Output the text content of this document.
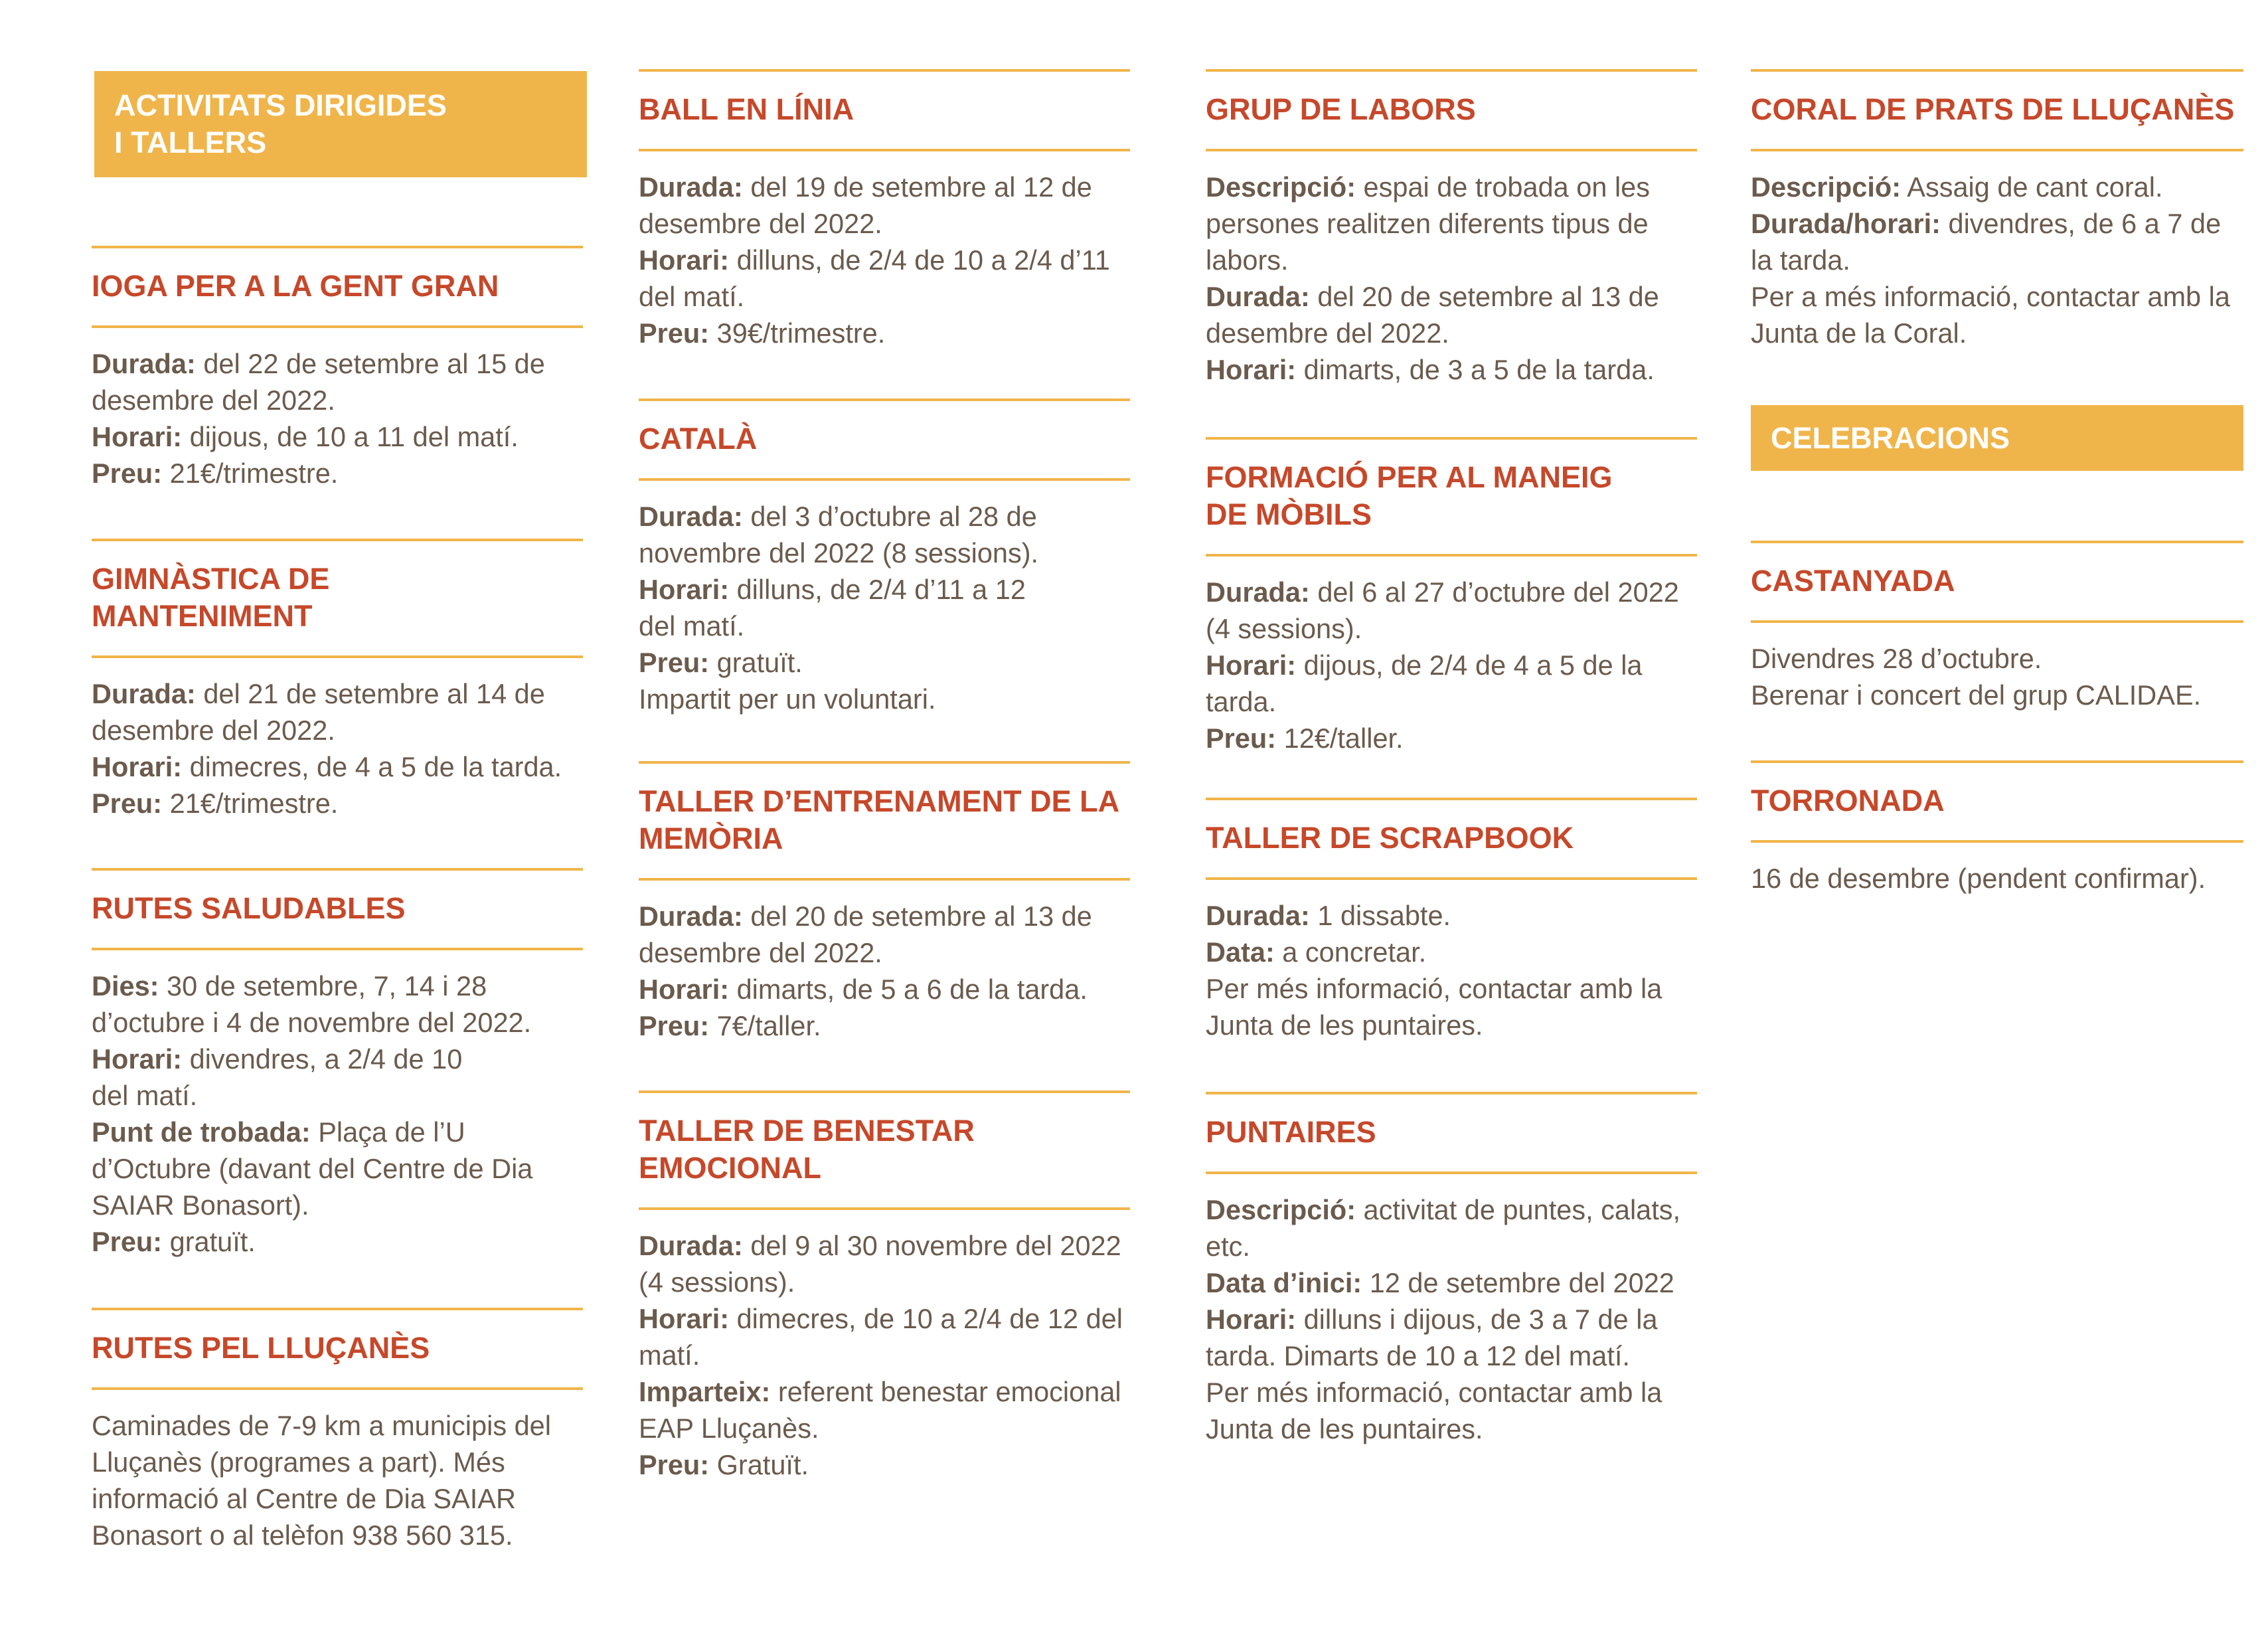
ACTIVITATS DIRIGIDES
I TALLERS
IOGA PER A LA GENT GRAN

Durada: del 22 de setembre al 15 de desembre del 2022.

Horari: dijous, de 10 a 11 del matí.

Preu: 21€/trimestre.

GIMNÀSTICA DE
MANTENIMENT

Durada: del 21 de setembre al 14 de desembre del 2022.

Horari: dimecres, de 4 a 5 de la tarda.

Preu: 21€/trimestre.

RUTES SALUDABLES

Dies: 30 de setembre, 7, 14 i 28 d’octubre i 4 de novembre del 2022.

Horari: divendres, a 2/4 de 10

del matí.

Punt de trobada: Plaça de l’U d’Octubre (davant del Centre de Dia SAIAR Bonasort).

Preu: gratuït.

RUTES PEL LLUÇANÈS

Caminades de 7-9 km a municipis del Lluçanès (programes a part). Més informació al Centre de Dia SAIAR Bonasort o al telèfon 938 560 315.

BALL EN LÍNIA

Durada: del 19 de setembre al 12 de desembre del 2022.

Horari: dilluns, de 2/4 de 10 a 2/4 d’11 del matí.

Preu: 39€/trimestre.

CATALÀ

Durada: del 3 d’octubre al 28 de novembre del 2022 (8 sessions).

Horari: dilluns, de 2/4 d’11 a 12

del matí.

Preu: gratuït.

Impartit per un voluntari.

TALLER D’ENTRENAMENT DE LA MEMÒRIA

Durada: del 20 de setembre al 13 de desembre del 2022.

Horari: dimarts, de 5 a 6 de la tarda.

Preu: 7€/taller.

TALLER DE BENESTAR
EMOCIONAL

Durada: del 9 al 30 novembre del 2022 (4 sessions).

Horari: dimecres, de 10 a 2/4 de 12 del matí.

Imparteix: referent benestar emocional EAP Lluçanès.

Preu: Gratuït.

GRUP DE LABORS

Descripció: espai de trobada on les persones realitzen diferents tipus de labors.

Durada: del 20 de setembre al 13 de desembre del 2022.

Horari: dimarts, de 3 a 5 de la tarda.

FORMACIÓ PER AL MANEIG
DE MÒBILS

Durada: del 6 al 27 d’octubre del 2022 (4 sessions).

Horari: dijous, de 2/4 de 4 a 5 de la tarda.

Preu: 12€/taller.

TALLER DE SCRAPBOOK

Durada: 1 dissabte.

Data: a concretar.

Per més informació, contactar amb la Junta de les puntaires.

PUNTAIRES

Descripció: activitat de puntes, calats, etc.

Data d’inici: 12 de setembre del 2022

Horari: dilluns i dijous, de 3 a 7 de la tarda. Dimarts de 10 a 12 del matí.

Per més informació, contactar amb la Junta de les puntaires.

CORAL DE PRATS DE LLUÇANÈS

Descripció: Assaig de cant coral.

Durada/horari: divendres, de 6 a 7 de la tarda.

Per a més informació, contactar amb la Junta de la Coral.

CELEBRACIONS
CASTANYADA

Divendres 28 d’octubre.

Berenar i concert del grup CALIDAE.

TORRONADA

16 de desembre (pendent confirmar).
